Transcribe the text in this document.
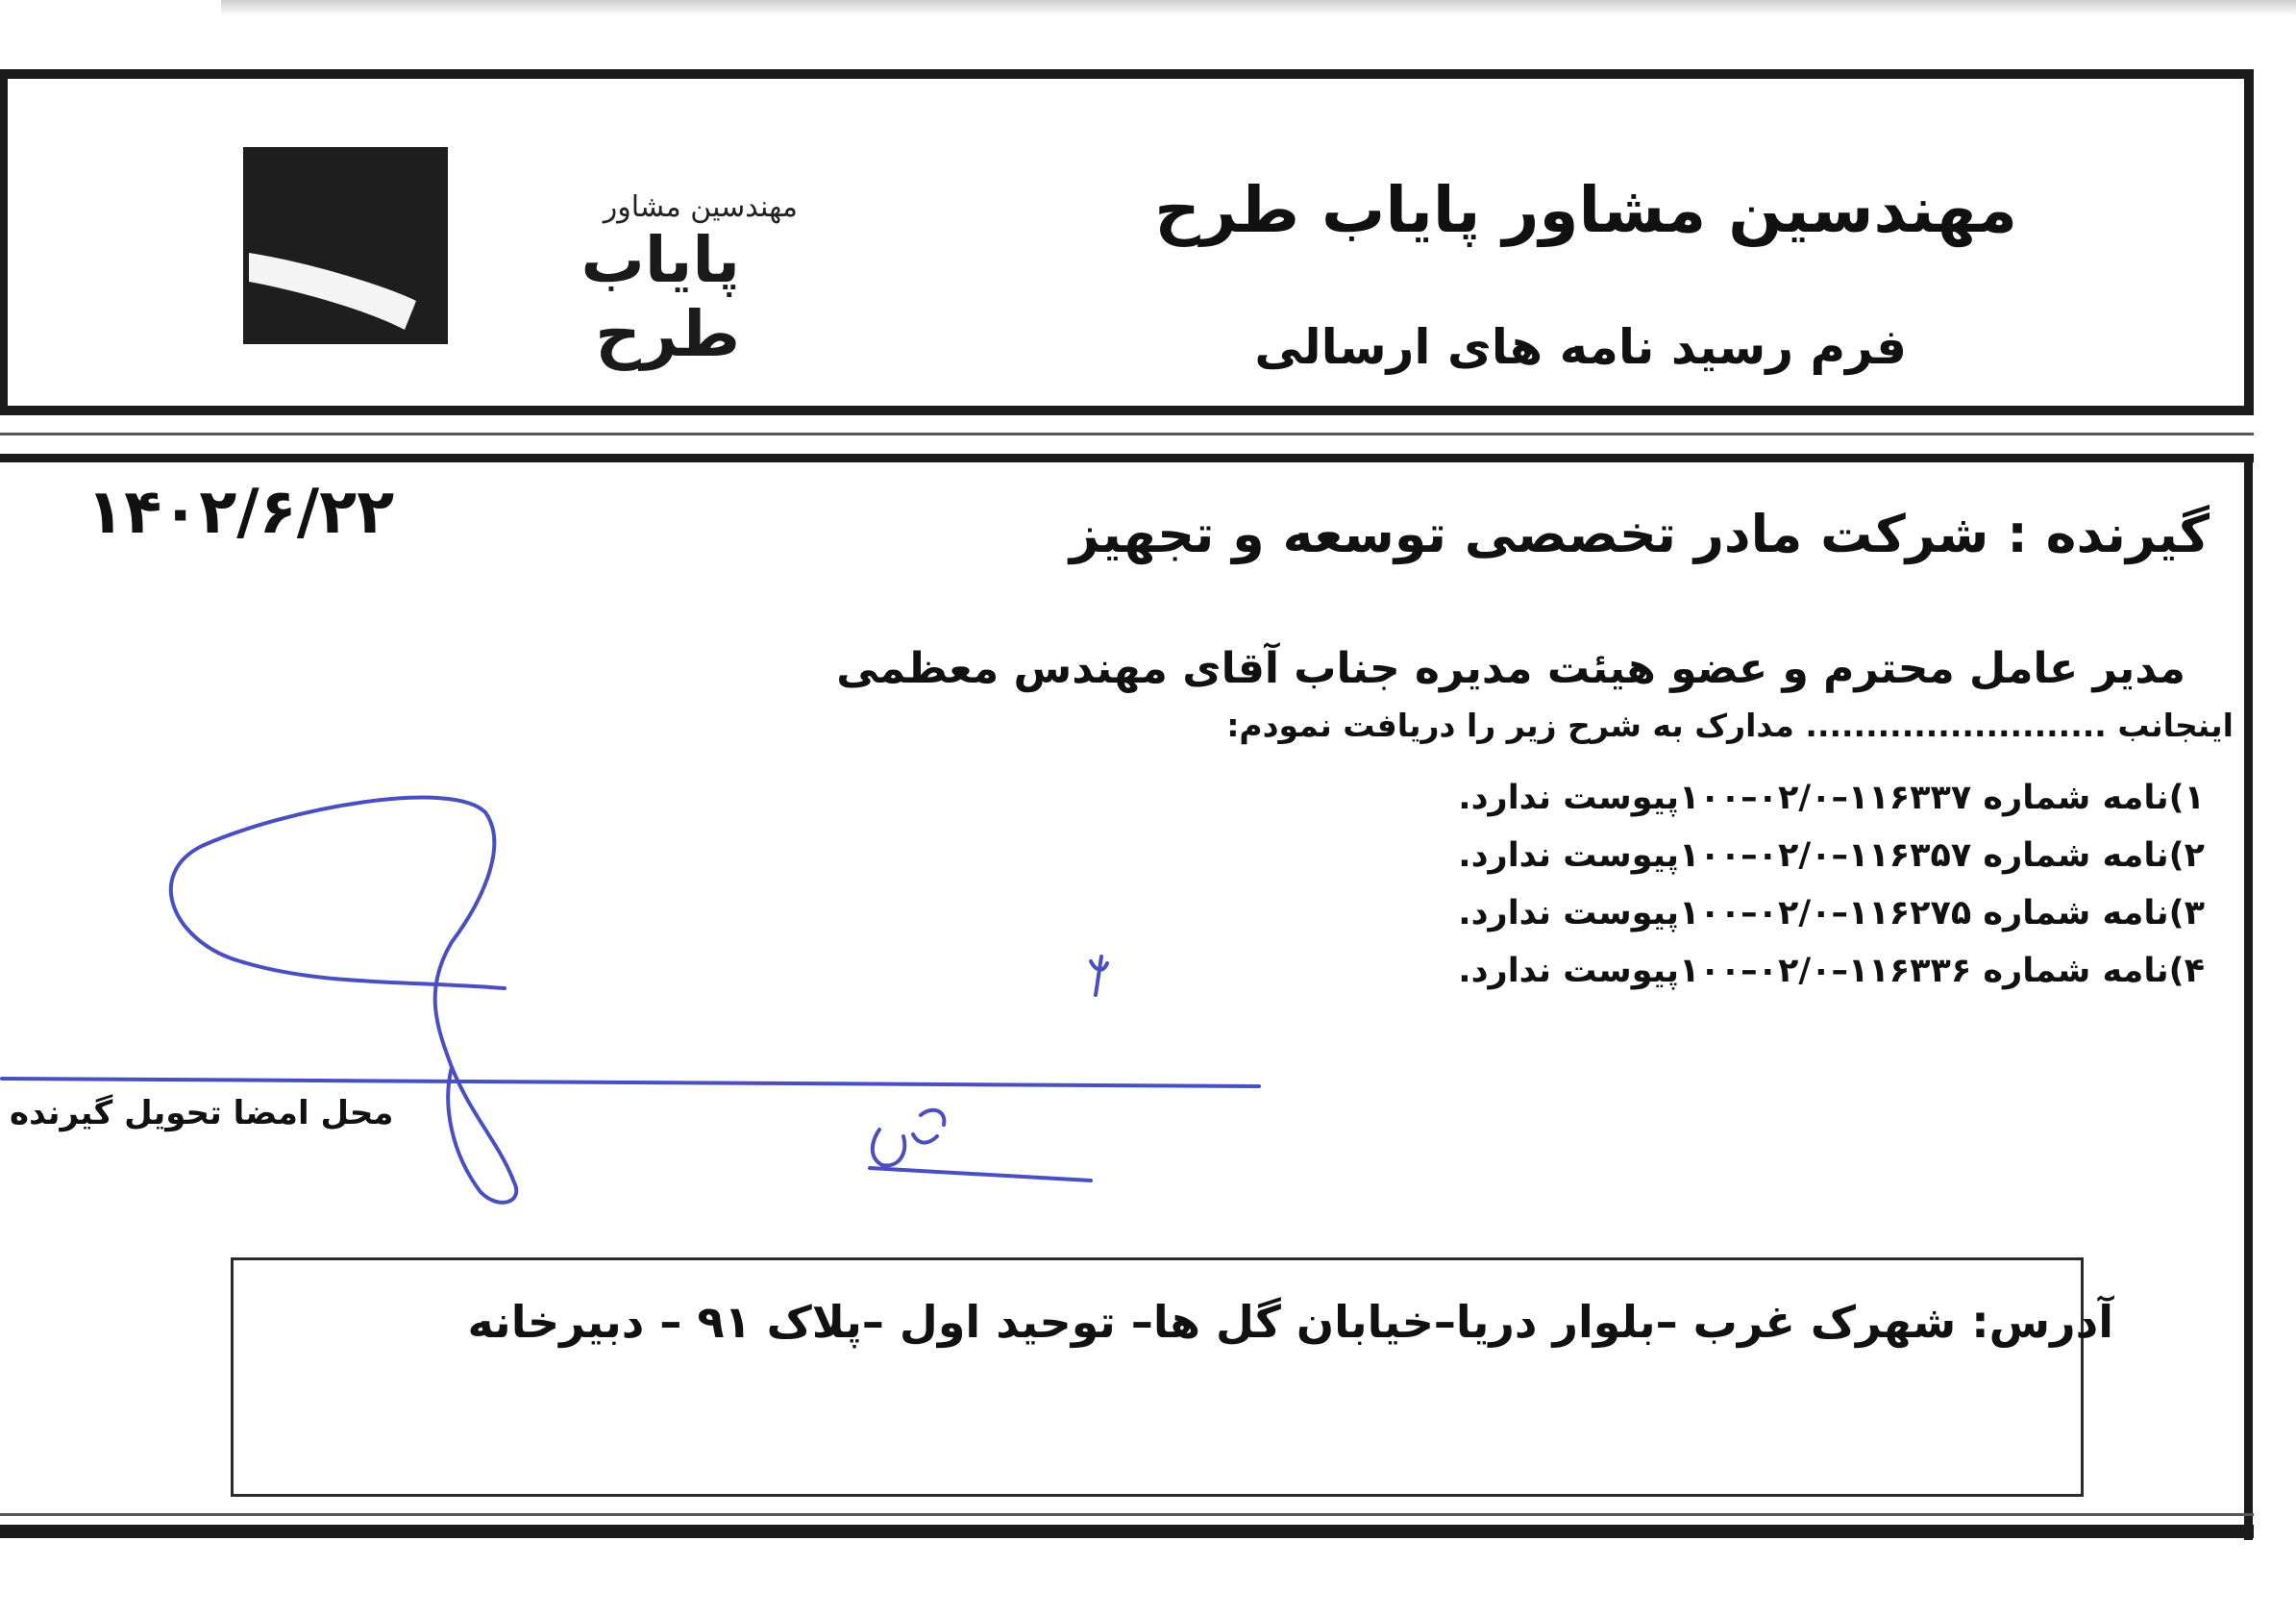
مهندسین مشاور
پایاب طرح
مهندسین مشاور پایاب طرح
فرم رسید نامه های ارسالی
۱۴۰۲/۶/۲۲	گیرنده : شرکت مادر تخصصی توسعه و تجهیز
مدیر عامل محترم و عضو هیئت مدیره جناب آقای مهندس معظمی
اینجانب ......................... مدارک به شرح زیر را دریافت نمودم:
۱)نامه شماره ۱۱۶۳۳۷–۰۲/۰–۱۰۰پیوست ندارد.
۲)نامه شماره ۱۱۶۳۵۷–۰۲/۰–۱۰۰پیوست ندارد.
۳)نامه شماره ۱۱۶۲۷۵–۰۲/۰–۱۰۰پیوست ندارد.
۴)نامه شماره ۱۱۶۳۳۶–۰۲/۰–۱۰۰پیوست ندارد.
محل امضا تحویل گیرنده
آدرس: شهرک غرب –بلوار دریا–خیابان گل ها– توحید اول –پلاک ۹۱ – دبیرخانه
